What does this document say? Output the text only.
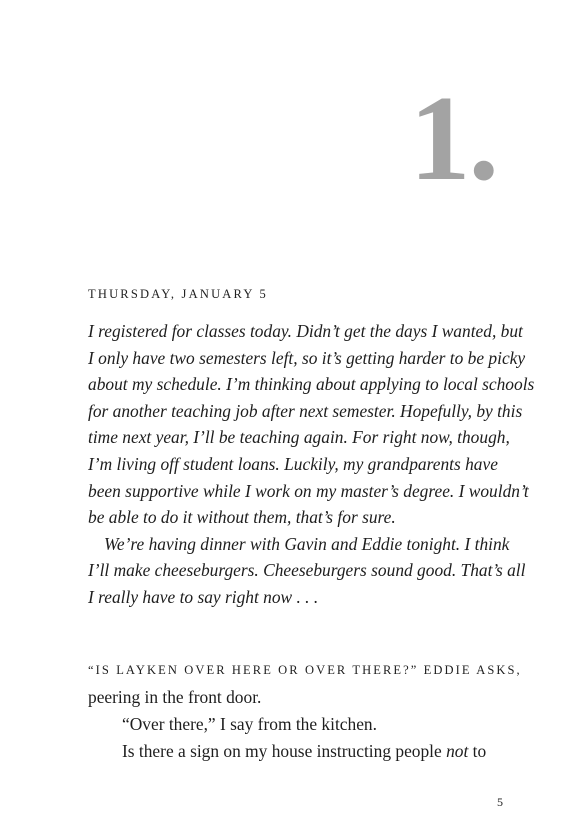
1.
THURSDAY, JANUARY 5

I registered for classes today. Didn’t get the days I wanted, but

I only have two semesters left, so it’s getting harder to be picky

about my schedule. I’m thinking about applying to local schools

for another teaching job after next semester. Hopefully, by this

time next year, I’ll be teaching again. For right now, though,

I’m living off student loans. Luckily, my grandparents have

been supportive while I work on my master’s degree. I wouldn’t

be able to do it without them, that’s for sure.

We’re having dinner with Gavin and Eddie tonight. I think

I’ll make cheeseburgers. Cheeseburgers sound good. That’s all

I really have to say right now . . .

“IS LAYKEN OVER HERE OR OVER THERE?” EDDIE ASKS,

peering in the front door.

“Over there,” I say from the kitchen.

Is there a sign on my house instructing people not to

5
